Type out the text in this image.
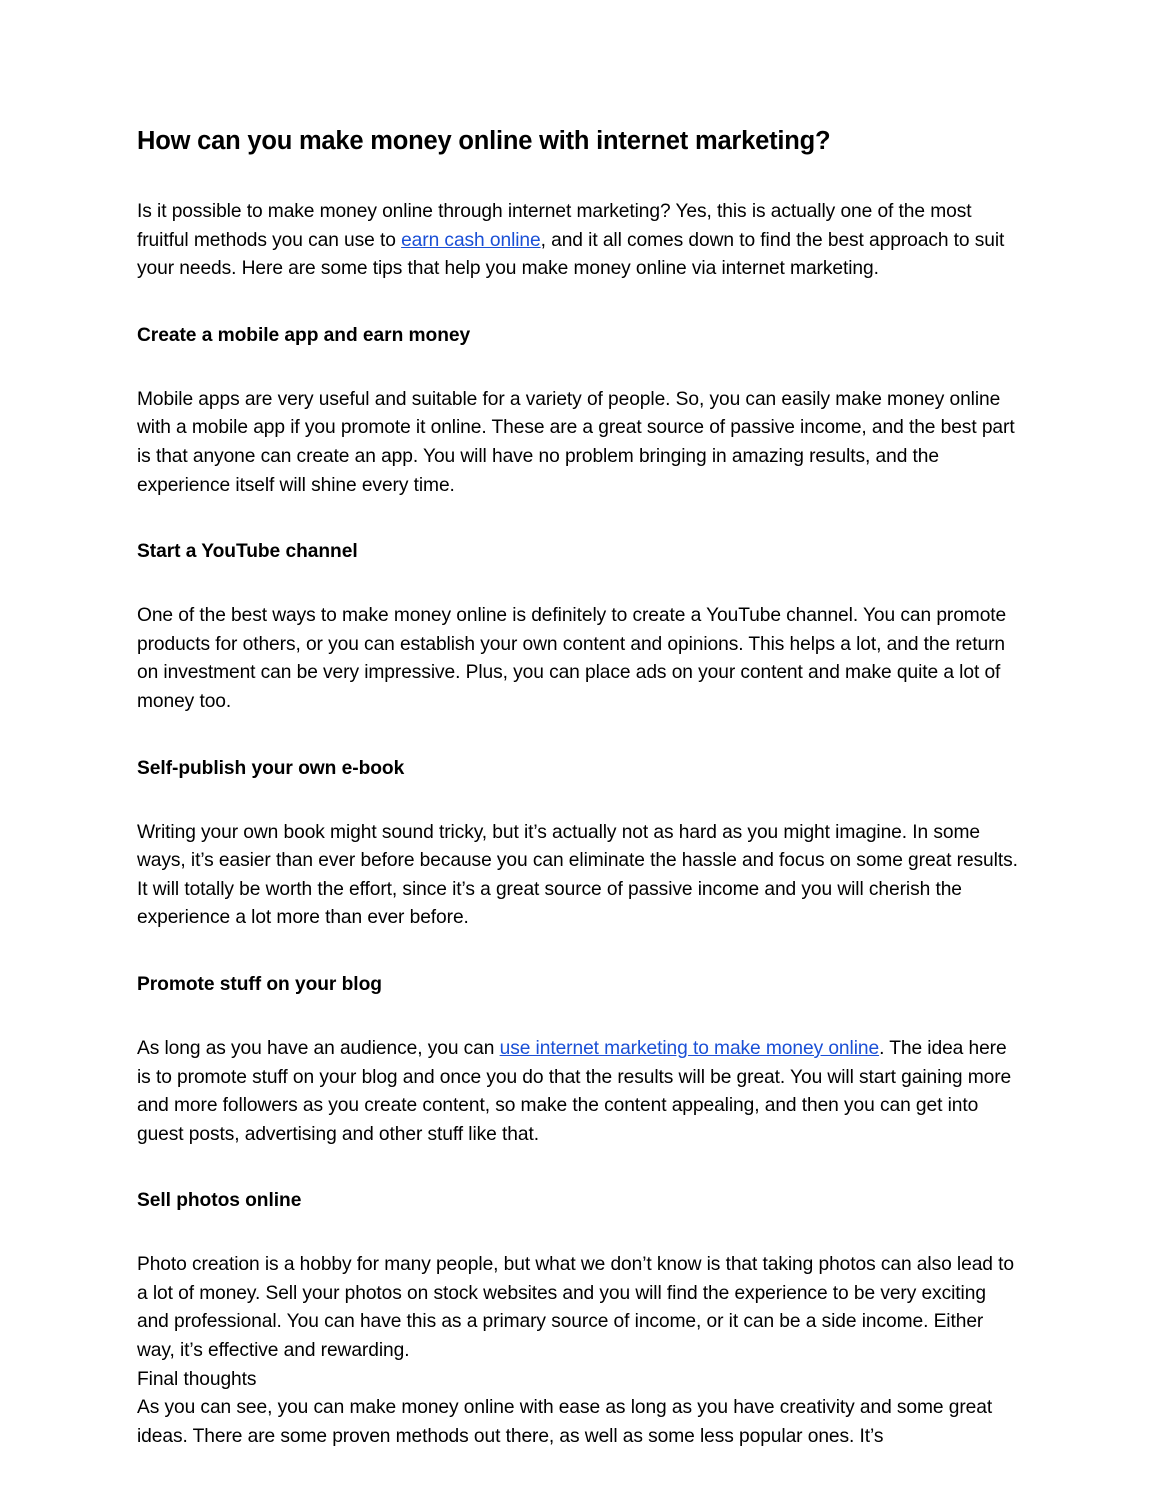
How can you make money online with internet marketing?

Is it possible to make money online through internet marketing? Yes, this is actually one of the most fruitful methods you can use to earn cash online, and it all comes down to find the best approach to suit your needs. Here are some tips that help you make money online via internet marketing.

Create a mobile app and earn money

Mobile apps are very useful and suitable for a variety of people. So, you can easily make money online with a mobile app if you promote it online. These are a great source of passive income, and the best part is that anyone can create an app. You will have no problem bringing in amazing results, and the experience itself will shine every time.

Start a YouTube channel

One of the best ways to make money online is definitely to create a YouTube channel. You can promote products for others, or you can establish your own content and opinions. This helps a lot, and the return on investment can be very impressive. Plus, you can place ads on your content and make quite a lot of money too.

Self-publish your own e-book

Writing your own book might sound tricky, but it’s actually not as hard as you might imagine. In some ways, it’s easier than ever before because you can eliminate the hassle and focus on some great results. It will totally be worth the effort, since it’s a great source of passive income and you will cherish the experience a lot more than ever before.

Promote stuff on your blog

As long as you have an audience, you can use internet marketing to make money online. The idea here is to promote stuff on your blog and once you do that the results will be great. You will start gaining more and more followers as you create content, so make the content appealing, and then you can get into guest posts, advertising and other stuff like that.

Sell photos online

Photo creation is a hobby for many people, but what we don’t know is that taking photos can also lead to a lot of money. Sell your photos on stock websites and you will find the experience to be very exciting and professional. You can have this as a primary source of income, or it can be a side income. Either way, it’s effective and rewarding.

Final thoughts

As you can see, you can make money online with ease as long as you have creativity and some great ideas. There are some proven methods out there, as well as some less popular ones. It’s
